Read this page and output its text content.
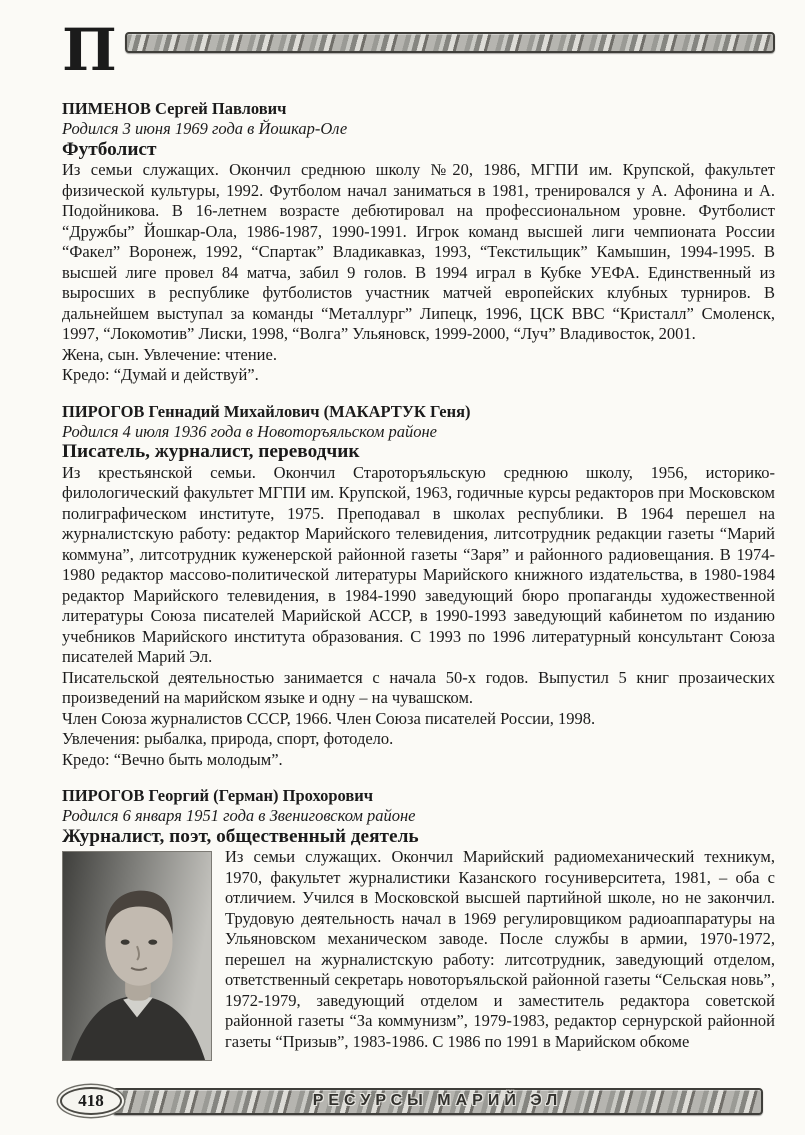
П
ПИМЕНОВ Сергей Павлович

Родился 3 июня 1969 года в Йошкар-Оле

Футболист

Из семьи служащих. Окончил среднюю школу №20, 1986, МГПИ им. Крупской, факультет физической культуры, 1992. Футболом начал заниматься в 1981, тренировался у А. Афонина и А. Подойникова. В 16-летнем возрасте дебютировал на профессиональном уровне. Футболист “Дружбы” Йошкар-Ола, 1986-1987, 1990-1991. Игрок команд высшей лиги чемпионата России “Факел” Воронеж, 1992, “Спартак” Владикавказ, 1993, “Текстильщик” Камышин, 1994-1995. В высшей лиге провел 84 матча, забил 9 голов. В 1994 играл в Кубке УЕФА. Единственный из выросших в республике футболистов участник матчей европейских клубных турниров. В дальнейшем выступал за команды “Металлург” Липецк, 1996, ЦСК ВВС “Кристалл” Смоленск, 1997, “Локомотив” Лиски, 1998, “Волга” Ульяновск, 1999-2000, “Луч” Владивосток, 2001.

Жена, сын. Увлечение: чтение.

Кредо: “Думай и действуй”.

ПИРОГОВ Геннадий Михайлович (МАКАРТУК Геня)

Родился 4 июля 1936 года в Новоторъяльском районе

Писатель, журналист, переводчик

Из крестьянской семьи. Окончил Староторъяльскую среднюю школу, 1956, историко-филологический факультет МГПИ им. Крупской, 1963, годичные курсы редакторов при Московском полиграфическом институте, 1975. Преподавал в школах республики. В 1964 перешел на журналистскую работу: редактор Марийского телевидения, литсотрудник редакции газеты “Марий коммуна”, литсотрудник куженерской районной газеты “Заря” и районного радиовещания. В 1974-1980 редактор массово-политической литературы Марийского книжного издательства, в 1980-1984 редактор Марийского телевидения, в 1984-1990 заведующий бюро пропаганды художественной литературы Союза писателей Марийской АССР, в 1990-1993 заведующий кабинетом по изданию учебников Марийского института образования. С 1993 по 1996 литературный консультант Союза писателей Марий Эл.

Писательской деятельностью занимается с начала 50-х годов. Выпустил 5 книг прозаических произведений на марийском языке и одну – на чувашском.

Член Союза журналистов СССР, 1966. Член Союза писателей России, 1998.

Увлечения: рыбалка, природа, спорт, фотодело.

Кредо: “Вечно быть молодым”.

ПИРОГОВ Георгий (Герман) Прохорович

Родился 6 января 1951 года в Звениговском районе

Журналист, поэт, общественный деятель

Из семьи служащих. Окончил Марийский радиомеханический техникум, 1970, факультет журналистики Казанского госуниверситета, 1981, – оба с отличием. Учился в Московской высшей партийной школе, но не закончил. Трудовую деятельность начал в 1969 регулировщиком радиоаппаратуры на Ульяновском механическом заводе. После службы в армии, 1970-1972, перешел на журналистскую работу: литсотрудник, заведующий отделом, ответственный секретарь новоторъяльской районной газеты “Сельская новь”, 1972-1979, заведующий отделом и заместитель редактора советской районной газеты “За коммунизм”, 1979-1983, редактор сернурской районной газеты “Призыв”, 1983-1986. С 1986 по 1991 в Марийском обкоме

418	РЕСУРСЫ МАРИЙ ЭЛ
